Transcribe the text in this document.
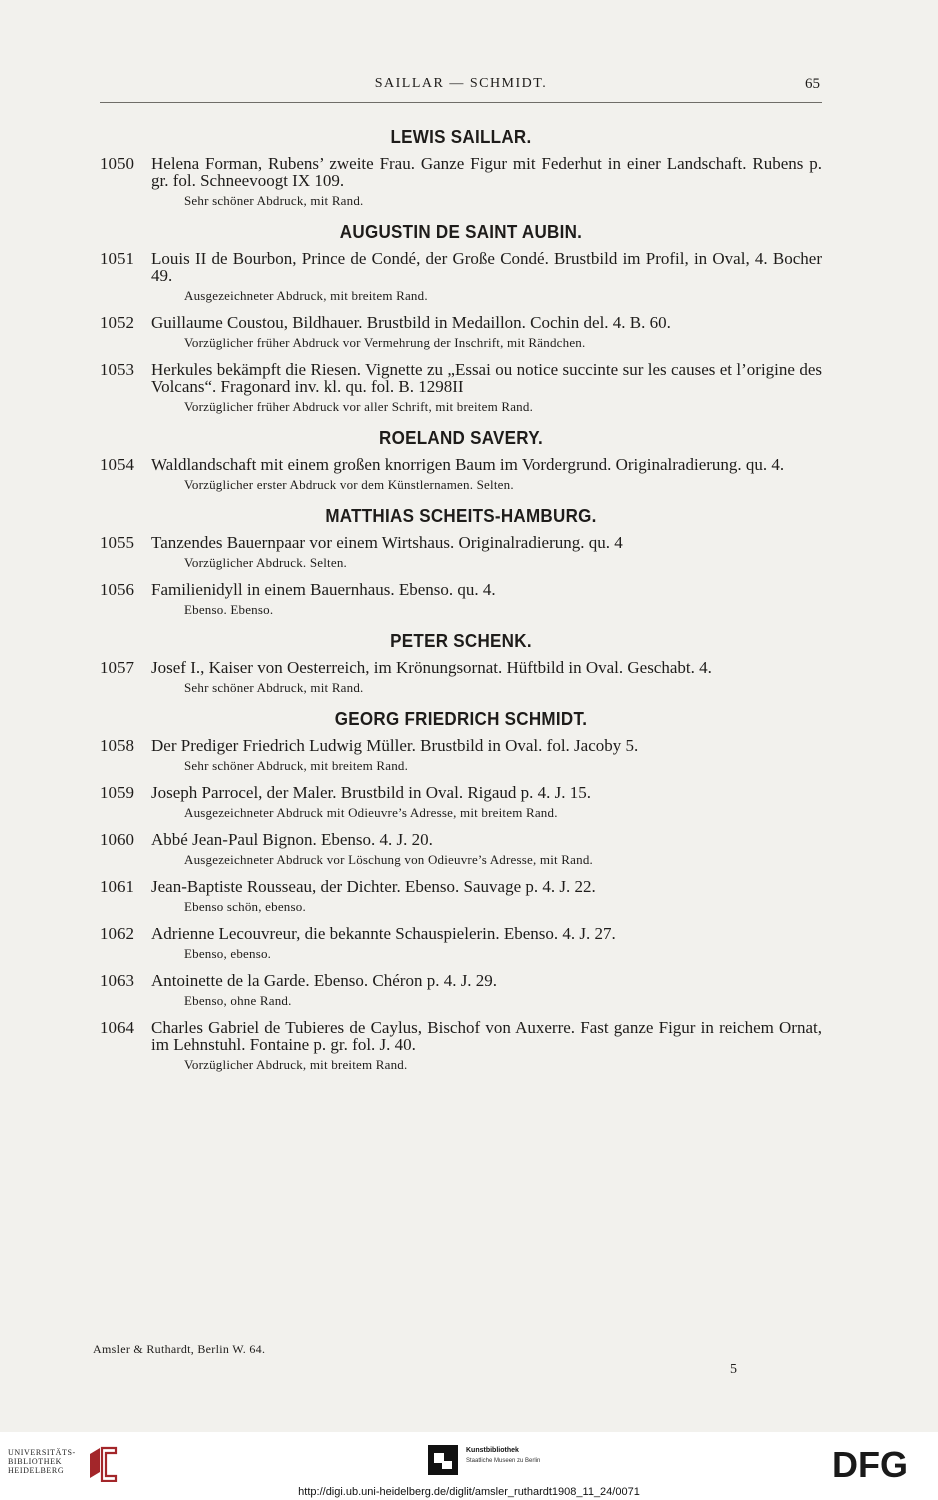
SAILLAR — SCHMIDT.	65
LEWIS SAILLAR.
1050 Helena Forman, Rubens’ zweite Frau. Ganze Figur mit Federhut in einer Landschaft. Rubens p. gr. fol. Schneevoogt IX 109.
Sehr schöner Abdruck, mit Rand.
AUGUSTIN DE SAINT AUBIN.
1051 Louis II de Bourbon, Prince de Condé, der Große Condé. Brustbild im Profil, in Oval, 4. Bocher 49.
Ausgezeichneter Abdruck, mit breitem Rand.
1052 Guillaume Coustou, Bildhauer. Brustbild in Medaillon. Cochin del. 4. B. 60.
Vorzüglicher früher Abdruck vor Vermehrung der Inschrift, mit Rändchen.
1053 Herkules bekämpft die Riesen. Vignette zu „Essai ou notice succinte sur les causes et l’origine des Volcans“. Fragonard inv. kl. qu. fol. B. 1298II
Vorzüglicher früher Abdruck vor aller Schrift, mit breitem Rand.
ROELAND SAVERY.
1054 Waldlandschaft mit einem großen knorrigen Baum im Vordergrund. Originalradierung. qu. 4.
Vorzüglicher erster Abdruck vor dem Künstlernamen. Selten.
MATTHIAS SCHEITS-HAMBURG.
1055 Tanzendes Bauernpaar vor einem Wirtshaus. Originalradierung. qu. 4
Vorzüglicher Abdruck. Selten.
1056 Familienidyll in einem Bauernhaus. Ebenso. qu. 4.
Ebenso. Ebenso.
PETER SCHENK.
1057 Josef I., Kaiser von Oesterreich, im Krönungsornat. Hüftbild in Oval. Geschabt. 4.
Sehr schöner Abdruck, mit Rand.
GEORG FRIEDRICH SCHMIDT.
1058 Der Prediger Friedrich Ludwig Müller. Brustbild in Oval. fol. Jacoby 5.
Sehr schöner Abdruck, mit breitem Rand.
1059 Joseph Parrocel, der Maler. Brustbild in Oval. Rigaud p. 4. J. 15.
Ausgezeichneter Abdruck mit Odieuvre’s Adresse, mit breitem Rand.
1060 Abbé Jean-Paul Bignon. Ebenso. 4. J. 20.
Ausgezeichneter Abdruck vor Löschung von Odieuvre’s Adresse, mit Rand.
1061 Jean-Baptiste Rousseau, der Dichter. Ebenso. Sauvage p. 4. J. 22.
Ebenso schön, ebenso.
1062 Adrienne Lecouvreur, die bekannte Schauspielerin. Ebenso. 4. J. 27.
Ebenso, ebenso.
1063 Antoinette de la Garde. Ebenso. Chéron p. 4. J. 29.
Ebenso, ohne Rand.
1064 Charles Gabriel de Tubieres de Caylus, Bischof von Auxerre. Fast ganze Figur in reichem Ornat, im Lehnstuhl. Fontaine p. gr. fol. J. 40.
Vorzüglicher Abdruck, mit breitem Rand.
Amsler & Ruthardt, Berlin W. 64.
5
UNIVERSITÄTS-
BIBLIOTHEK
HEIDELBERG
Kunstbibliothek
Staatliche Museen zu Berlin	DFG
http://digi.ub.uni-heidelberg.de/diglit/amsler_ruthardt1908_11_24/0071
